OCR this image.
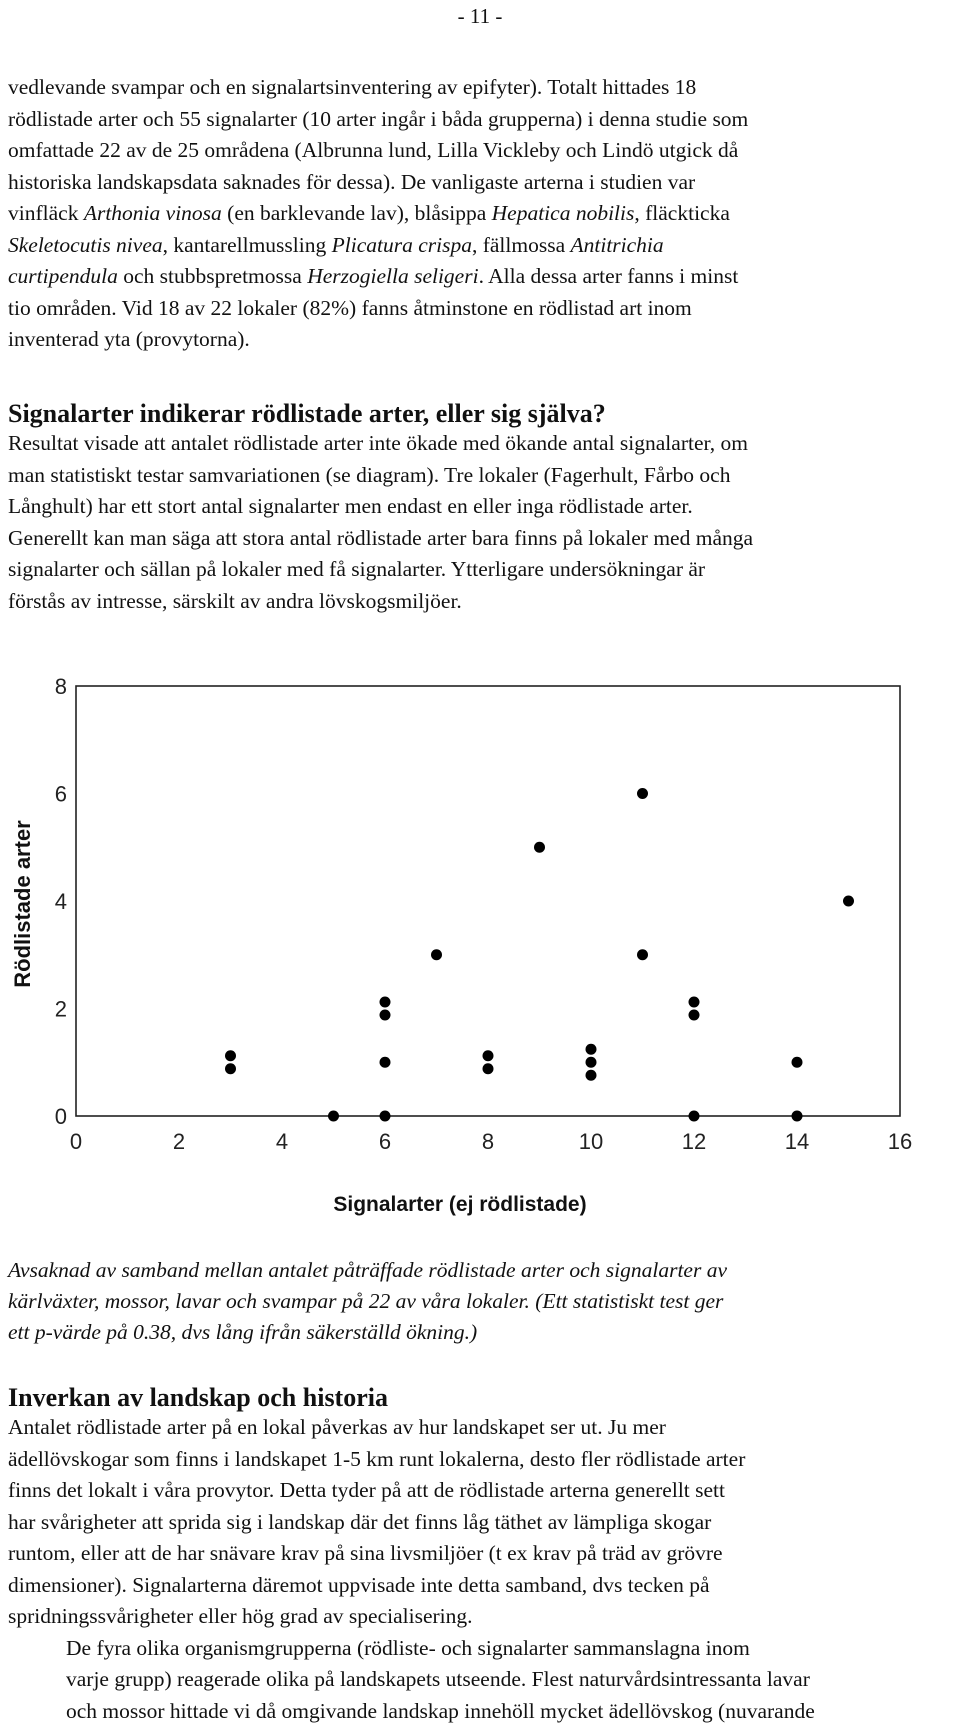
- 11 -
vedlevande svampar och en signalartsinventering av epifyter). Totalt hittades 18
rödlistade arter och 55 signalarter (10 arter ingår i båda grupperna) i denna studie som
omfattade 22 av de 25 områdena (Albrunna lund, Lilla Vickleby och Lindö utgick då
historiska landskapsdata saknades för dessa). De vanligaste arterna i studien var
vinfläck Arthonia vinosa (en barklevande lav), blåsippa Hepatica nobilis, fläckticka
Skeletocutis nivea, kantarellmussling Plicatura crispa, fällmossa Antitrichia
curtipendula och stubbspretmossa Herzogiella seligeri. Alla dessa arter fanns i minst
tio områden. Vid 18 av 22 lokaler (82%) fanns åtminstone en rödlistad art inom
inventerad yta (provytorna).
Signalarter indikerar rödlistade arter, eller sig själva?
Resultat visade att antalet rödlistade arter inte ökade med ökande antal signalarter, om
man statistiskt testar samvariationen (se diagram). Tre lokaler (Fagerhult, Fårbo och
Långhult) har ett stort antal signalarter men endast en eller inga rödlistade arter.
Generellt kan man säga att stora antal rödlistade arter bara finns på lokaler med många
signalarter och sällan på lokaler med få signalarter. Ytterligare undersökningar är
förstås av intresse, särskilt av andra lövskogsmiljöer.
0	2	4	6	8	10	12	14	16
0
2
4
6
8
Signalarter (ej rödlistade)
Rödlistade arter
Avsaknad av samband mellan antalet påträffade rödlistade arter och signalarter av
kärlväxter, mossor, lavar och svampar på 22 av våra lokaler. (Ett statistiskt test ger
ett p-värde på 0.38, dvs lång ifrån säkerställd ökning.)
Inverkan av landskap och historia
Antalet rödlistade arter på en lokal påverkas av hur landskapet ser ut. Ju mer
ädellövskogar som finns i landskapet 1-5 km runt lokalerna, desto fler rödlistade arter
finns det lokalt i våra provytor. Detta tyder på att de rödlistade arterna generellt sett
har svårigheter att sprida sig i landskap där det finns låg täthet av lämpliga skogar
runtom, eller att de har snävare krav på sina livsmiljöer (t ex krav på träd av grövre
dimensioner). Signalarterna däremot uppvisade inte detta samband, dvs tecken på
spridningssvårigheter eller hög grad av specialisering.
De fyra olika organismgrupperna (rödliste- och signalarter sammanslagna inom
varje grupp) reagerade olika på landskapets utseende. Flest naturvårdsintressanta lavar
och mossor hittade vi då omgivande landskap innehöll mycket ädellövskog (nuvarande
